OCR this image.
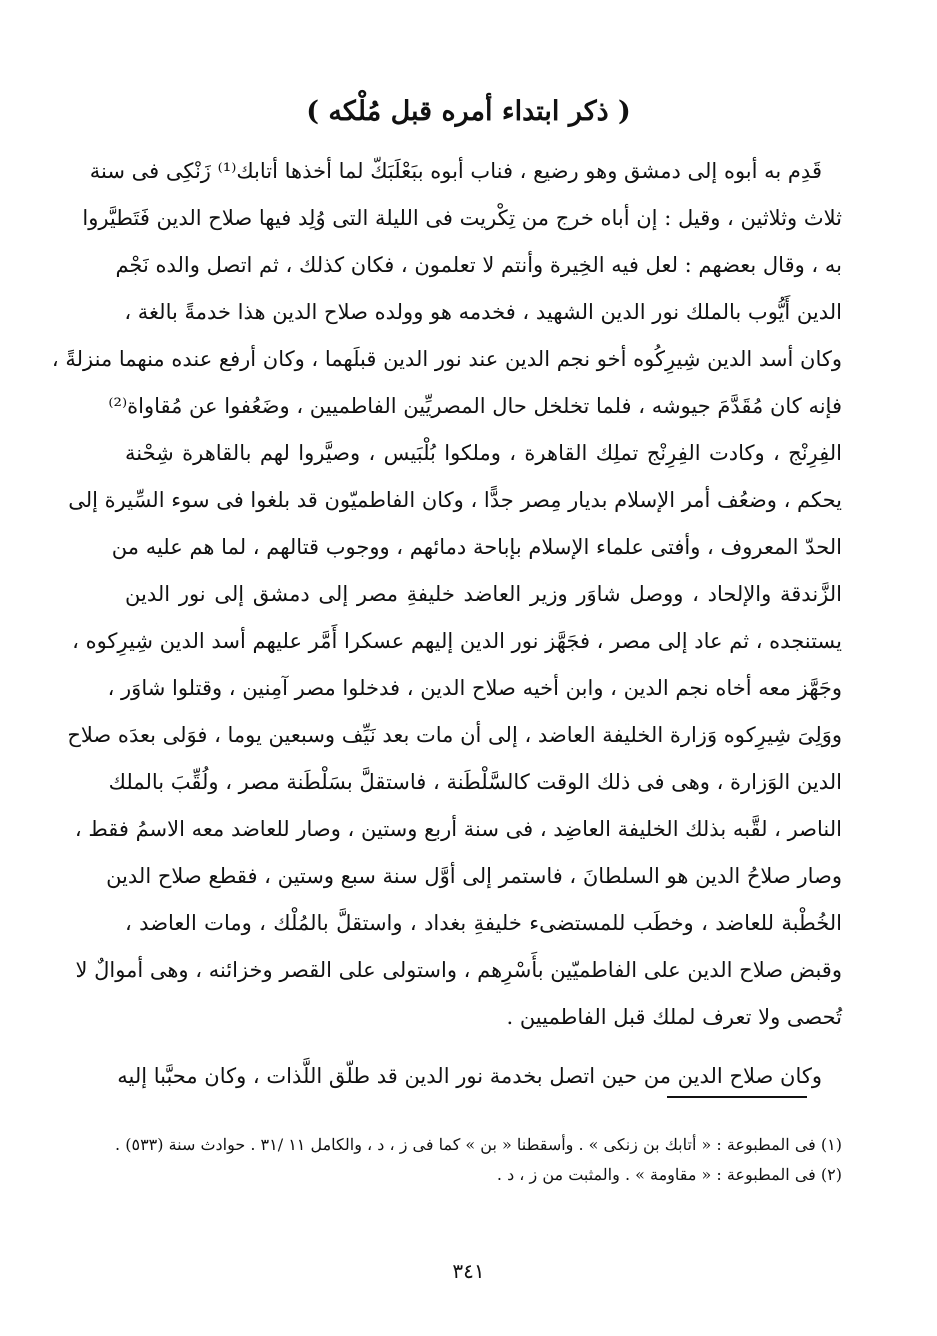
( ذكر ابتداء أمره قبل مُلْكه )
قَدِم به أبوه إلى دمشق وهو رضيع ، فناب أبوه ببَعْلَبَكّ لما أخذها أتابك⁽¹⁾ زَنْكِى فى سنة
ثلاث وثلاثين ، وقيل : إن أباه خرج من تِكْريت فى الليلة التى وُلِد فيها صلاح الدين فَتَطيَّروا
به ، وقال بعضهم : لعل فيه الخِيرة وأنتم لا تعلمون ، فكان كذلك ، ثم اتصل والده نَجْم
الدين أَيُّوب بالملك نور الدين الشهيد ، فخدمه هو وولده صلاح الدين هذا خدمةً بالغة ،
وكان أسد الدين شِيرِكُوه أخو نجم الدين عند نور الدين قبلَهما ، وكان أرفع عنده منهما منزلةً ،
فإنه كان مُقَدَّمَ جيوشه ، فلما تخلخل حال المصريِّين الفاطميين ، وضَعُفوا عن مُقاواة⁽²⁾
الفِرِنْج ، وكادت الفِرِنْج تملِك القاهرة ، وملكوا بُلْبَيس ، وصيَّروا لهم بالقاهرة شِحْنة
يحكم ، وضعُف أمر الإسلام بديار مِصر جدًّا ، وكان الفاطميّون قد بلغوا فى سوء السِّيرة إلى
الحدّ المعروف ، وأفتى علماء الإسلام بإباحة دمائهم ، ووجوب قتالهم ، لما هم عليه من
الزَّندقة والإلحاد ، ووصل شاوَر وزير العاضد خليفةِ مصر إلى دمشق إلى نور الدين
يستنجده ، ثم عاد إلى مصر ، فجَهَّز نور الدين إليهم عسكرا أَمَّر عليهم أسد الدين شِيرِكوه ،
وجَهَّز معه أخاه نجم الدين ، وابن أخيه صلاح الدين ، فدخلوا مصر آمِنين ، وقتلوا شاوَر ،
ووَلِىَ شِيرِكوه وَزارة الخليفة العاضد ، إلى أن مات بعد نَيِّف وسبعين يوما ، فوَلى بعدَه صلاح
الدين الوَزارة ، وهى فى ذلك الوقت كالسَّلْطَنة ، فاستقلَّ بسَلْطَنة مصر ، ولُقِّبَ بالملك
الناصر ، لقَّبه بذلك الخليفة العاضِد ، فى سنة أربع وستين ، وصار للعاضد معه الاسمُ فقط ،
وصار صلاحُ الدين هو السلطانَ ، فاستمر إلى أوَّل سنة سبع وستين ، فقطع صلاح الدين
الخُطْبة للعاضد ، وخطَب للمستضىء خليفةِ بغداد ، واستقلَّ بالمُلْك ، ومات العاضد ،
وقبض صلاح الدين على الفاطميّين بأَسْرِهم ، واستولى على القصر وخزائنه ، وهى أموالٌ لا
تُحصى ولا تعرف لملك قبل الفاطميين .
وكان صلاح الدين من حين اتصل بخدمة نور الدين قد طلّق اللَّذات ، وكان محبَّبا إليه
(١) فى المطبوعة : « أتابك بن زنكى » . وأسقطنا « بن » كما فى ز ، د ، والكامل ١١ /٣١ . حوادث سنة (٥٣٣) .
(٢) فى المطبوعة : « مقاومة » . والمثبت من ز ، د .
٣٤١
